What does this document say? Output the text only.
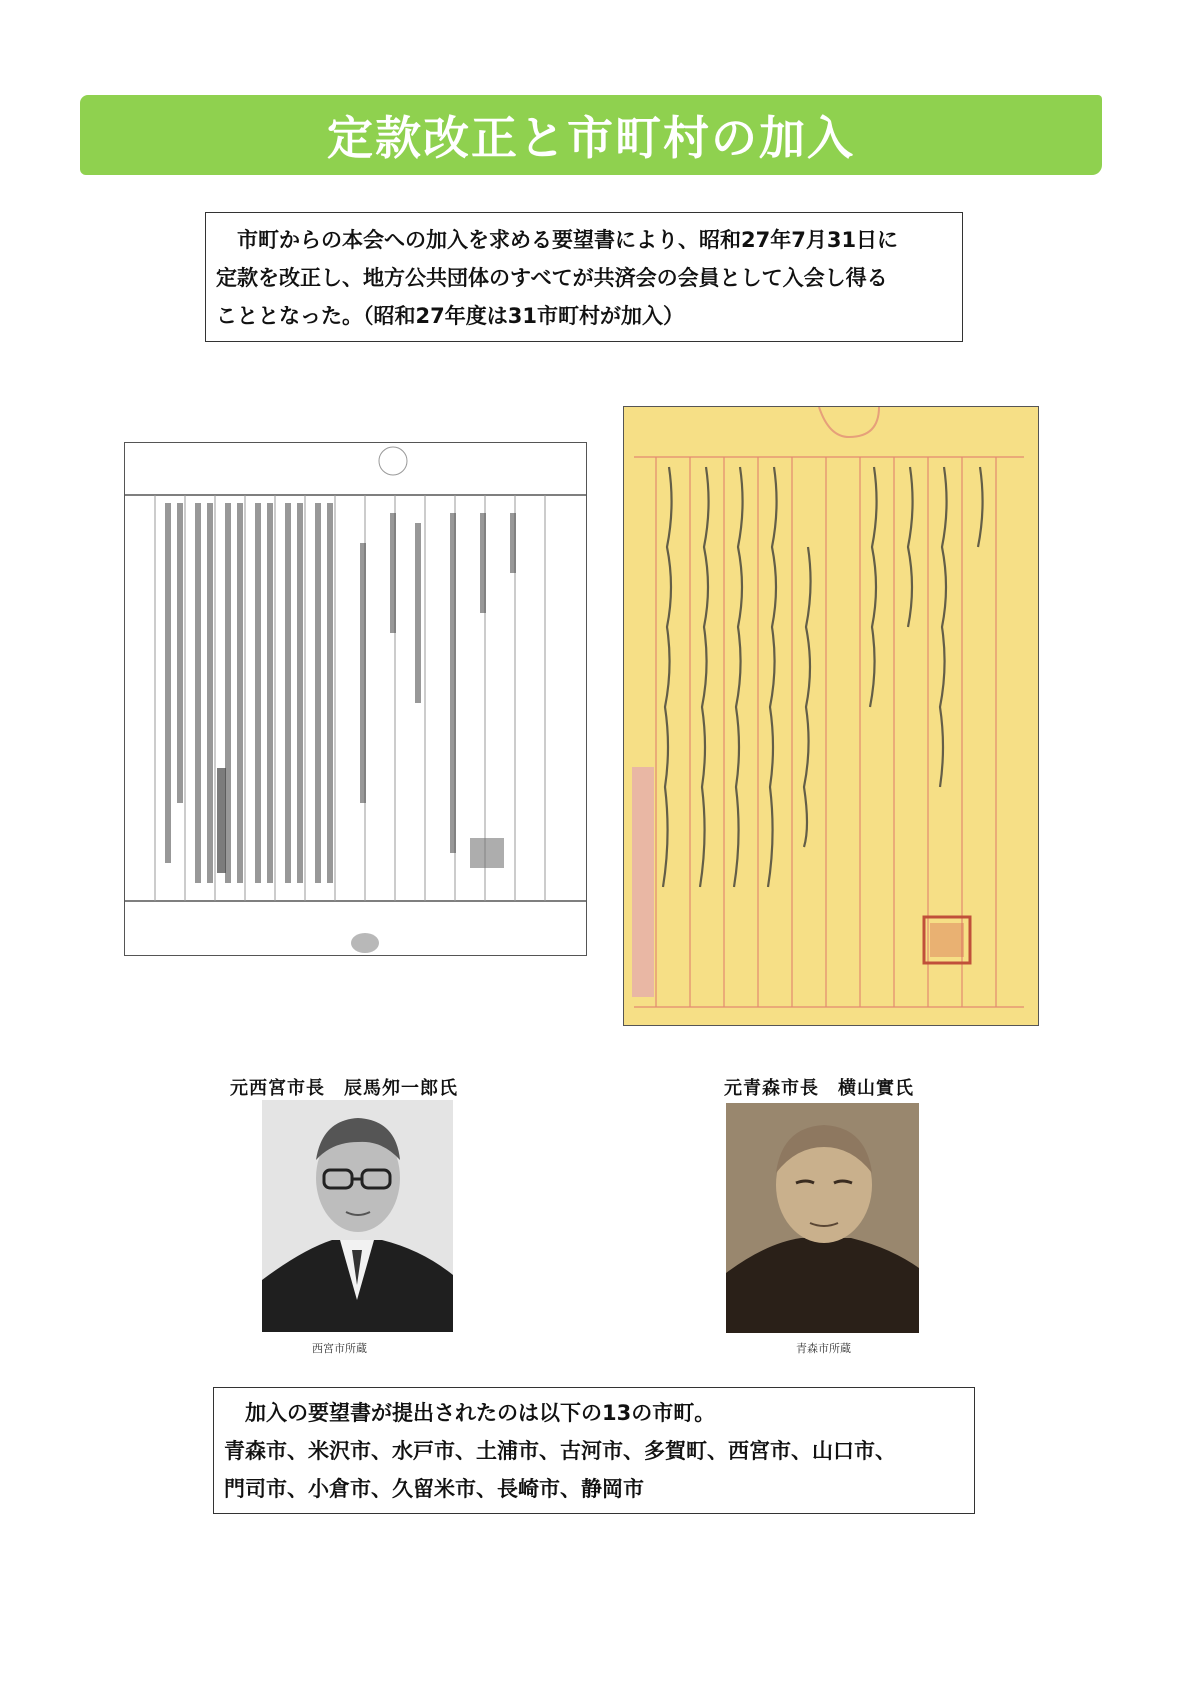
定款改正と市町村の加入

　市町からの本会への加入を求める要望書により、昭和27年7月31日に

定款を改正し、地方公共団体のすべてが共済会の会員として入会し得る

こととなった。（昭和27年度は31市町村が加入）

元西宮市長　辰馬夘一郎氏
西宮市所蔵
元青森市長　横山實氏
青森市所蔵

　加入の要望書が提出されたのは以下の13の市町。

青森市、米沢市、水戸市、土浦市、古河市、多賀町、西宮市、山口市、

門司市、小倉市、久留米市、長崎市、静岡市
